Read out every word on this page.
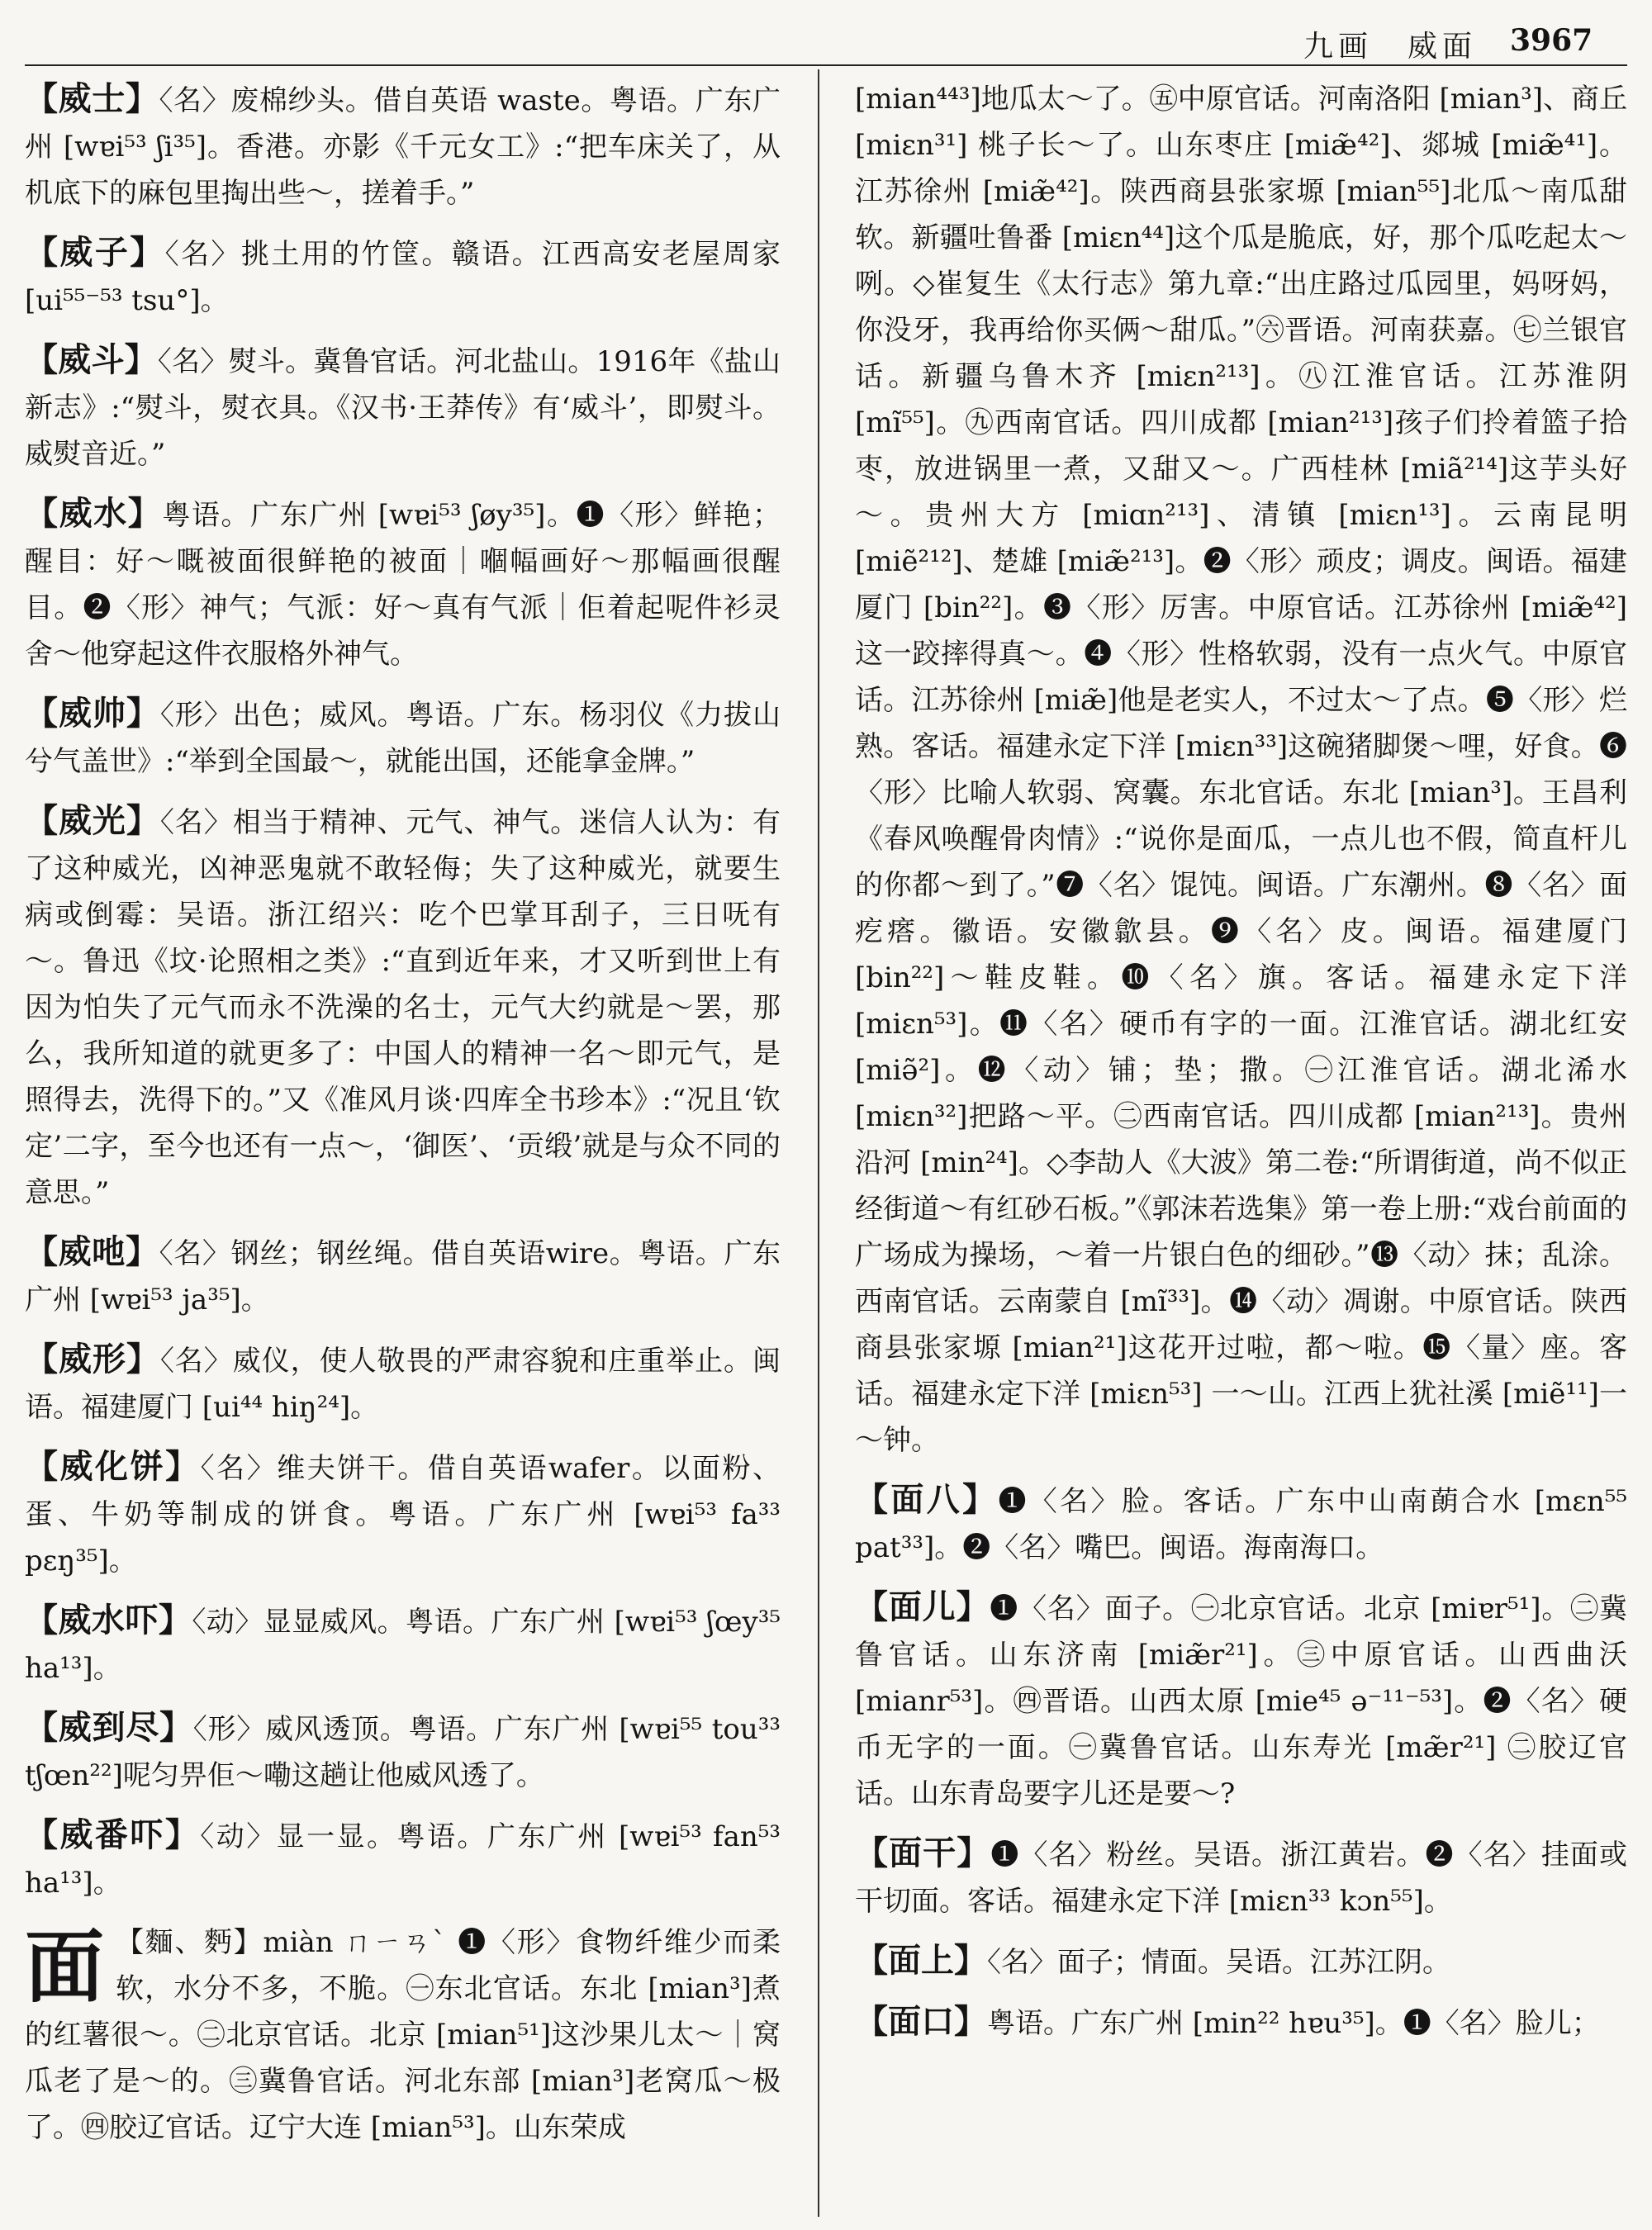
九画　威面 3967
【威士】〈名〉废棉纱头。借自英语 waste。粤语。广东广州 [wɐi⁵³ ʃi³⁵]。香港。亦影《千元女工》:“把车床关了，从机底下的麻包里掏出些～，搓着手。”
【威子】〈名〉挑土用的竹筐。赣语。江西高安老屋周家 [ui⁵⁵⁻⁵³ tsu°]。
【威斗】〈名〉熨斗。冀鲁官话。河北盐山。1916年《盐山新志》:“熨斗，熨衣具。《汉书·王莽传》有‘威斗’，即熨斗。威熨音近。”
【威水】粤语。广东广州 [wɐi⁵³ ʃøy³⁵]。❶〈形〉鲜艳；醒目：好～嘅被面很鲜艳的被面｜嗰幅画好～那幅画很醒目。❷〈形〉神气；气派：好～真有气派｜佢着起呢件衫灵舍～他穿起这件衣服格外神气。
【威帅】〈形〉出色；威风。粤语。广东。杨羽仪《力拔山兮气盖世》:“举到全国最～，就能出国，还能拿金牌。”
【威光】〈名〉相当于精神、元气、神气。迷信人认为：有了这种威光，凶神恶鬼就不敢轻侮；失了这种威光，就要生病或倒霉：吴语。浙江绍兴：吃个巴掌耳刮子，三日呒有～。鲁迅《坟·论照相之类》:“直到近年来，才又听到世上有因为怕失了元气而永不洗澡的名士，元气大约就是～罢，那么，我所知道的就更多了：中国人的精神一名～即元气，是照得去，洗得下的。”又《准风月谈·四库全书珍本》:“况且‘钦定’二字，至今也还有一点～，‘御医’、‘贡缎’就是与众不同的意思。”
【威吔】〈名〉钢丝；钢丝绳。借自英语wire。粤语。广东广州 [wɐi⁵³ ja³⁵]。
【威形】〈名〉威仪，使人敬畏的严肃容貌和庄重举止。闽语。福建厦门 [ui⁴⁴ hiŋ²⁴]。
【威化饼】〈名〉维夫饼干。借自英语wafer。以面粉、蛋、牛奶等制成的饼食。粤语。广东广州 [wɐi⁵³ fa³³ pɛŋ³⁵]。
【威水吓】〈动〉显显威风。粤语。广东广州 [wɐi⁵³ ʃœy³⁵ ha¹³]。
【威到尽】〈形〉威风透顶。粤语。广东广州 [wɐi⁵⁵ tou³³ tʃœn²²]呢匀畀佢～嘞这趟让他威风透了。
【威番吓】〈动〉显一显。粤语。广东广州 [wɐi⁵³ fan⁵³ ha¹³]。
面 【麵、麪】miàn ㄇㄧㄢˋ ❶〈形〉食物纤维少而柔软，水分不多，不脆。㊀东北官话。东北 [mian³]煮的红薯很～。㊁北京官话。北京 [mian⁵¹]这沙果儿太～｜窝瓜老了是～的。㊂冀鲁官话。河北东部 [mian³]老窝瓜～极了。㊃胶辽官话。辽宁大连 [mian⁵³]。山东荣成
[mian⁴⁴³]地瓜太～了。㊄中原官话。河南洛阳 [mian³]、商丘 [miɛn³¹] 桃子长～了。山东枣庄 [miæ̃⁴²]、郯城 [miæ̃⁴¹]。江苏徐州 [miæ̃⁴²]。陕西商县张家塬 [mian⁵⁵]北瓜～南瓜甜软。新疆吐鲁番 [miɛn⁴⁴]这个瓜是脆底，好，那个瓜吃起太～咧。◇崔复生《太行志》第九章:“出庄路过瓜园里，妈呀妈，你没牙，我再给你买俩～甜瓜。”㊅晋语。河南获嘉。㊆兰银官话。新疆乌鲁木齐 [miɛn²¹³]。㊇江淮官话。江苏淮阴 [mĩ⁵⁵]。㊈西南官话。四川成都 [mian²¹³]孩子们拎着篮子拾枣，放进锅里一煮，又甜又～。广西桂林 [miã²¹⁴]这芋头好～。贵州大方 [miɑn²¹³]、清镇 [miɛn¹³]。云南昆明 [miẽ²¹²]、楚雄 [miæ̃²¹³]。❷〈形〉顽皮；调皮。闽语。福建厦门 [bin²²]。❸〈形〉厉害。中原官话。江苏徐州 [miæ̃⁴²] 这一跤摔得真～。❹〈形〉性格软弱，没有一点火气。中原官话。江苏徐州 [miæ̃]他是老实人，不过太～了点。❺〈形〉烂熟。客话。福建永定下洋 [miɛn³³]这碗猪脚煲～哩，好食。❻〈形〉比喻人软弱、窝囊。东北官话。东北 [mian³]。王昌利《春风唤醒骨肉情》:“说你是面瓜，一点儿也不假，简直杆儿的你都～到了。”❼〈名〉馄饨。闽语。广东潮州。❽〈名〉面疙瘩。徽语。安徽歙县。❾〈名〉皮。闽语。福建厦门 [bin²²]～鞋皮鞋。❿〈名〉旗。客话。福建永定下洋 [miɛn⁵³]。⓫〈名〉硬币有字的一面。江淮官话。湖北红安 [miə̃²]。⓬〈动〉铺；垫；撒。㊀江淮官话。湖北浠水 [miɛn³²]把路～平。㊁西南官话。四川成都 [mian²¹³]。贵州沿河 [min²⁴]。◇李劼人《大波》第二卷:“所谓街道，尚不似正经街道～有红砂石板。”《郭沫若选集》第一卷上册:“戏台前面的广场成为操场，～着一片银白色的细砂。”⓭〈动〉抹；乱涂。西南官话。云南蒙自 [mĩ³³]。⓮〈动〉凋谢。中原官话。陕西商县张家塬 [mian²¹]这花开过啦，都～啦。⓯〈量〉座。客话。福建永定下洋 [miɛn⁵³] 一～山。江西上犹社溪 [miẽ¹¹]一～钟。
【面八】❶〈名〉脸。客话。广东中山南蓢合水 [mɛn⁵⁵ pat³³]。❷〈名〉嘴巴。闽语。海南海口。
【面儿】❶〈名〉面子。㊀北京官话。北京 [miɐr⁵¹]。㊁冀鲁官话。山东济南 [miæ̃r²¹]。㊂中原官话。山西曲沃 [mianr⁵³]。㊃晋语。山西太原 [mie⁴⁵ ə⁻¹¹⁻⁵³]。❷〈名〉硬币无字的一面。㊀冀鲁官话。山东寿光 [mæ̃r²¹] ㊁胶辽官话。山东青岛要字儿还是要～?
【面干】❶〈名〉粉丝。吴语。浙江黄岩。❷〈名〉挂面或干切面。客话。福建永定下洋 [miɛn³³ kɔn⁵⁵]。
【面上】〈名〉面子；情面。吴语。江苏江阴。
【面口】粤语。广东广州 [min²² hɐu³⁵]。❶〈名〉脸儿；
